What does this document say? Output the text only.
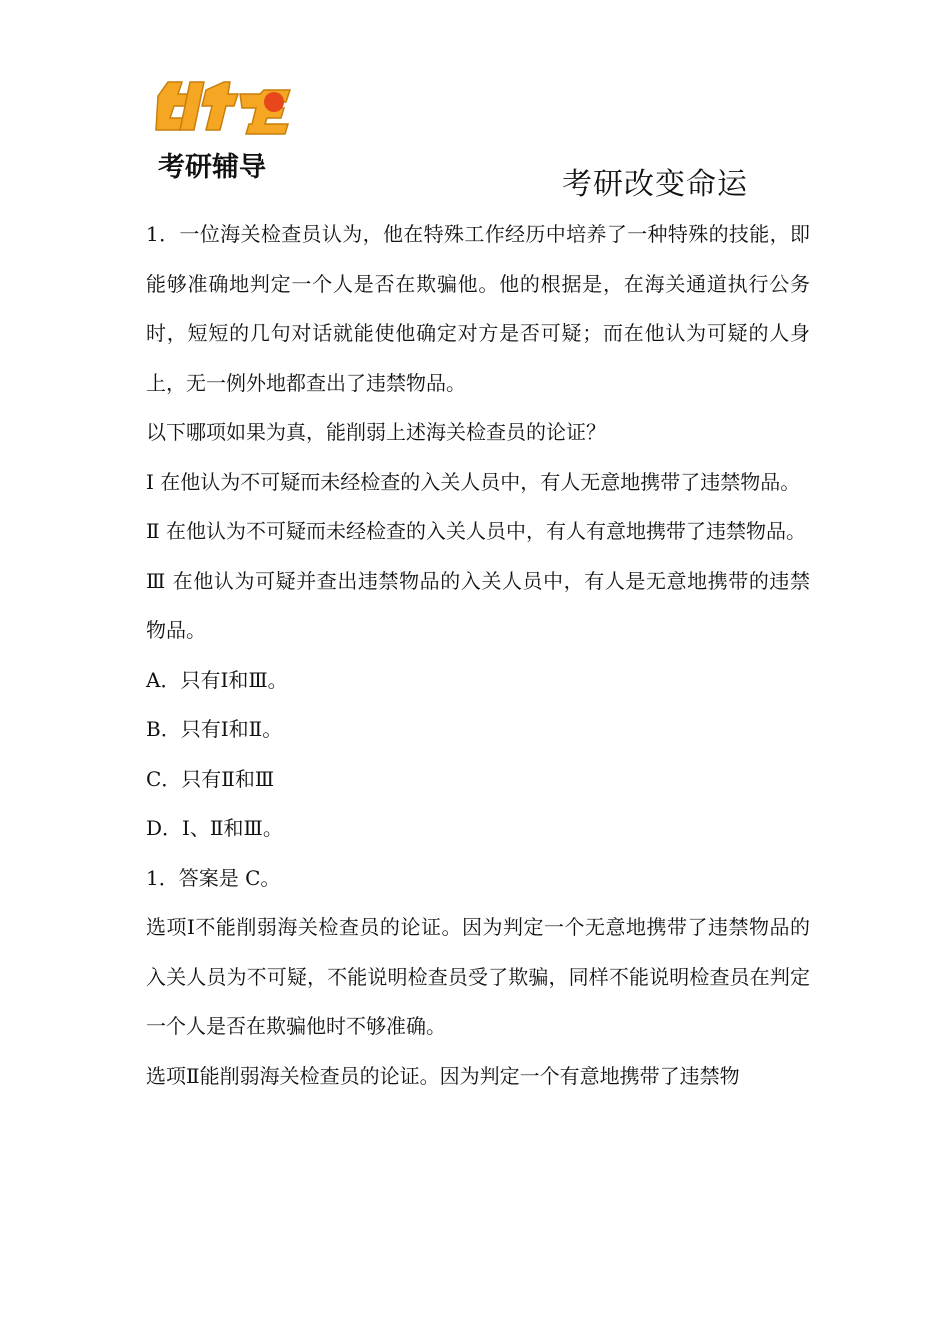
考研辅导	考研改变命运

1．一位海关检查员认为，他在特殊工作经历中培养了一种特殊的技能，即能够准确地判定一个人是否在欺骗他。他的根据是，在海关通道执行公务时，短短的几句对话就能使他确定对方是否可疑；而在他认为可疑的人身上，无一例外地都查出了违禁物品。

以下哪项如果为真，能削弱上述海关检查员的论证？

Ⅰ 在他认为不可疑而未经检查的入关人员中，有人无意地携带了违禁物品。

Ⅱ 在他认为不可疑而未经检查的入关人员中，有人有意地携带了违禁物品。

Ⅲ 在他认为可疑并查出违禁物品的入关人员中，有人是无意地携带的违禁物品。

A．只有Ⅰ和Ⅲ。

B．只有Ⅰ和Ⅱ。

C．只有Ⅱ和Ⅲ

D．Ⅰ、Ⅱ和Ⅲ。

1．答案是 C。

选项Ⅰ不能削弱海关检查员的论证。因为判定一个无意地携带了违禁物品的入关人员为不可疑，不能说明检查员受了欺骗，同样不能说明检查员在判定一个人是否在欺骗他时不够准确。

选项Ⅱ能削弱海关检查员的论证。因为判定一个有意地携带了违禁物
